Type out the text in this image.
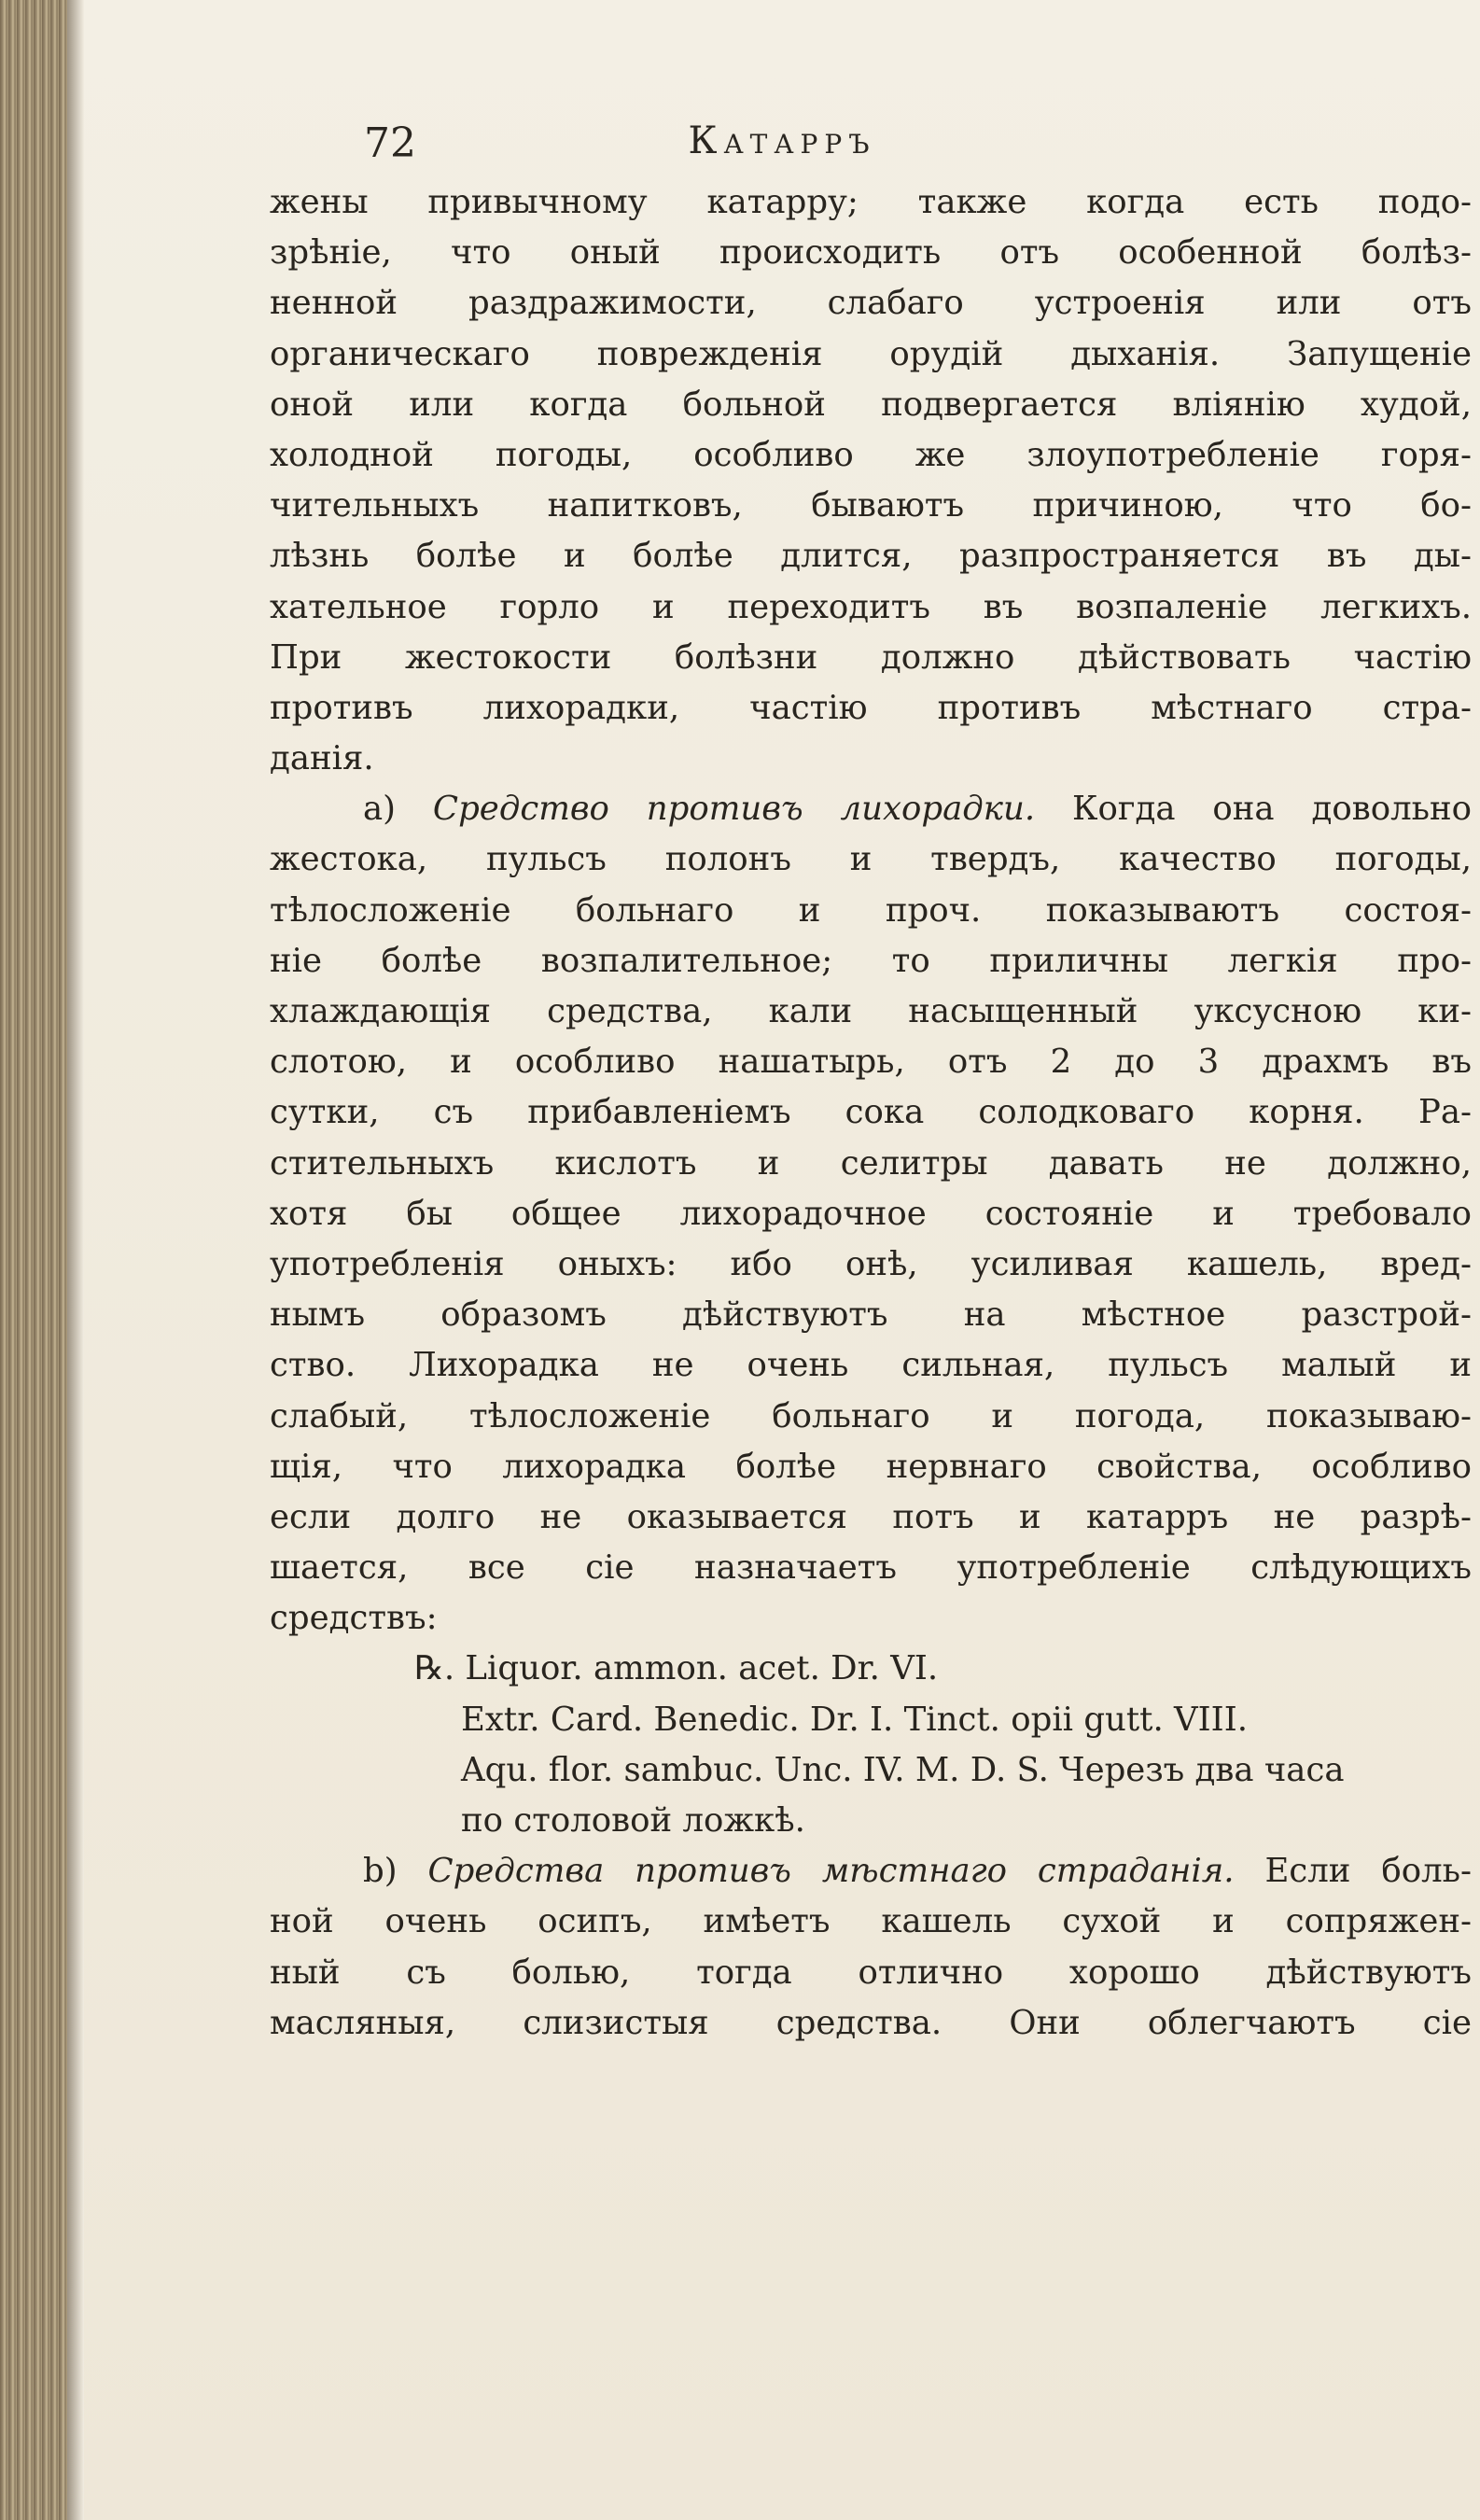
72	Катарръ
жены привычному катарру; также когда есть подо-
зрѣніе, что оный происходить отъ особенной болѣз-
ненной раздражимости, слабаго устроенія или отъ
органическаго поврежденія орудій дыханія. Запущеніе
оной или когда больной подвергается вліянію худой,
холодной погоды, особливо же злоупотребленіе горя-
чительныхъ напитковъ, бываютъ причиною, что бо-
лѣзнь болѣе и болѣе длится, разпространяется въ ды-
хательное горло и переходитъ въ возпаленіе легкихъ.
При жестокости болѣзни должно дѣйствовать частію
противъ лихорадки, частію противъ мѣстнаго стра-
данія.
a) Средство противъ лихорадки. Когда она довольно
жестока, пульсъ полонъ и твердъ, качество погоды,
тѣлосложеніе больнаго и проч. показываютъ состоя-
ніе болѣе возпалительное; то приличны легкія про-
хлаждающія средства, кали насыщенный уксусною ки-
слотою, и особливо нашатырь, отъ 2 до 3 драхмъ въ
сутки, съ прибавленіемъ сока солодковаго корня. Ра-
стительныхъ кислотъ и селитры давать не должно,
хотя бы общее лихорадочное состояніе и требовало
употребленія оныхъ: ибо онѣ, усиливая кашель, вред-
нымъ образомъ дѣйствуютъ на мѣстное разстрой-
ство. Лихорадка не очень сильная, пульсъ малый и
слабый, тѣлосложеніе больнаго и погода, показываю-
щія, что лихорадка болѣе нервнаго свойства, особливо
если долго не оказывается потъ и катарръ не разрѣ-
шается, все сіе назначаетъ употребленіе слѣдующихъ
средствъ:
℞. Liquor. ammon. acet. Dr. VI.
Extr. Card. Benedic. Dr. I. Tinct. opii gutt. VIII.
Aqu. flor. sambuc. Unc. IV. M. D. S. Черезъ два часа
по столовой ложкѣ.
b) Средства противъ мѣстнаго страданія. Если боль-
ной очень осипъ, имѣетъ кашель сухой и сопряжен-
ный съ болью, тогда отлично хорошо дѣйствуютъ
масляныя, слизистыя средства. Они облегчаютъ сіе
